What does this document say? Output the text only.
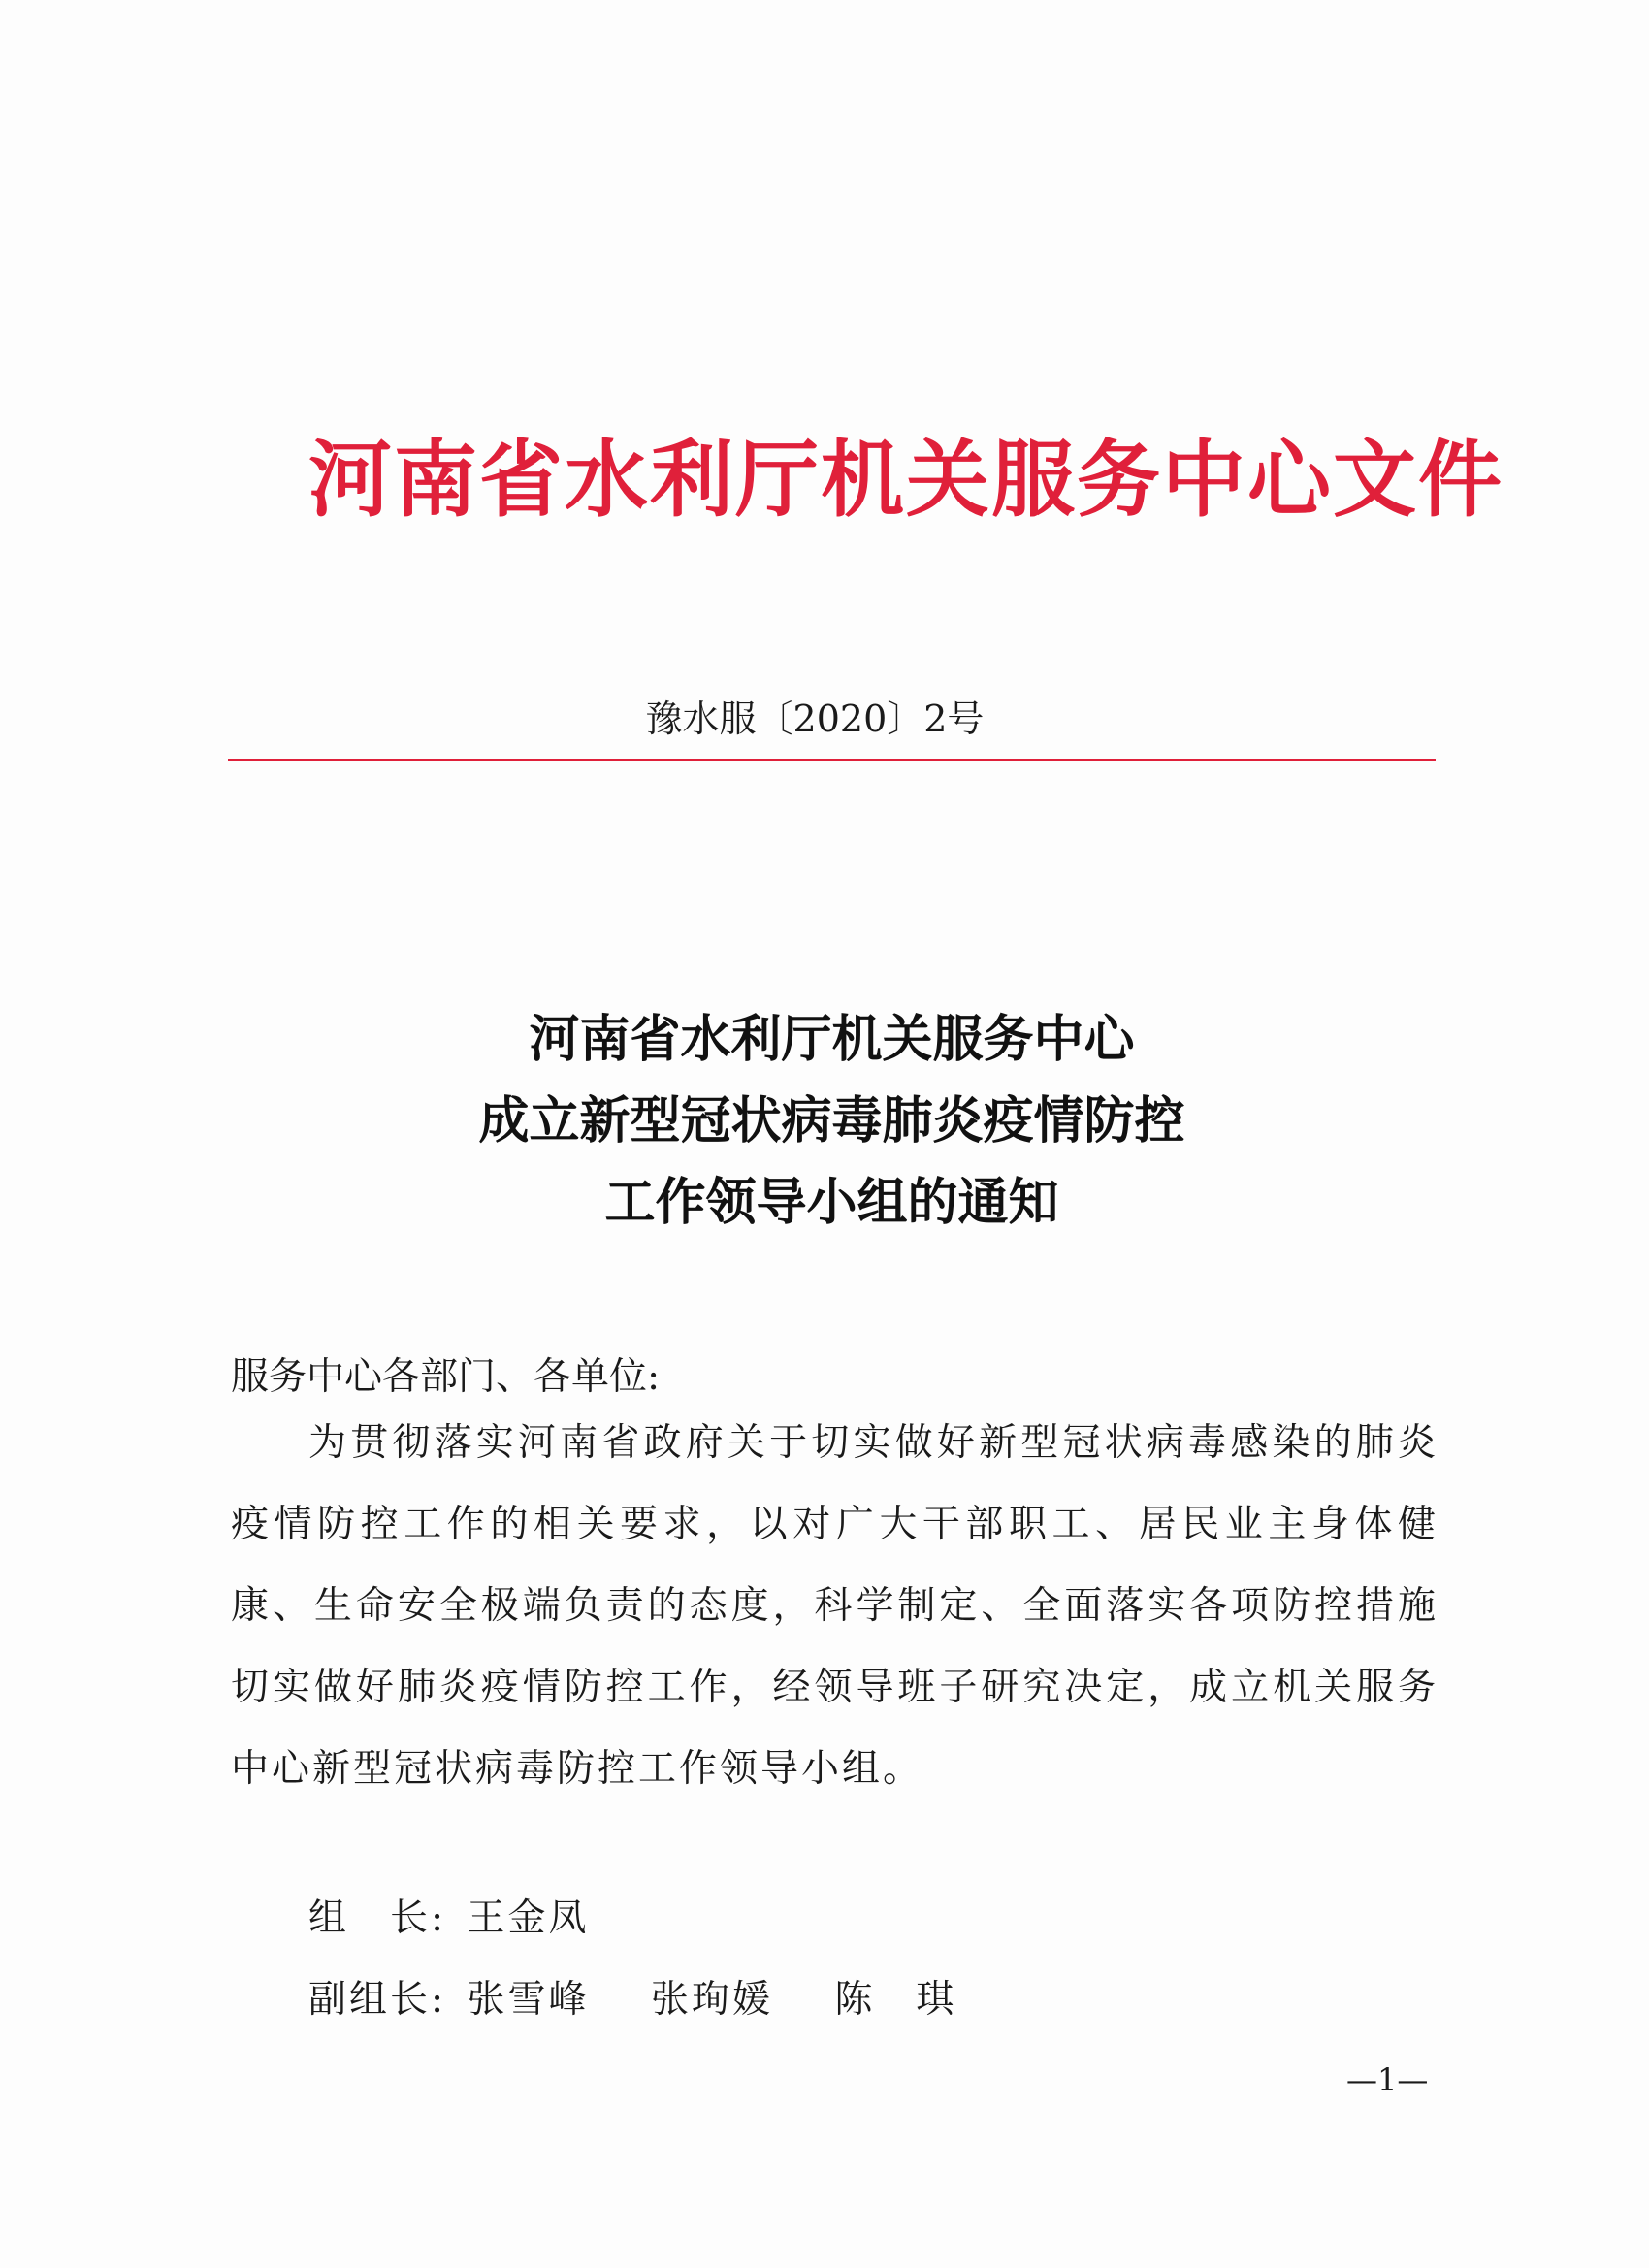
河南省水利厅机关服务中心文件
豫水服〔2020〕2号
河南省水利厅机关服务中心
成立新型冠状病毒肺炎疫情防控
工作领导小组的通知
服务中心各部门、各单位:
为贯彻落实河南省政府关于切实做好新型冠状病毒感染的肺炎疫情防控工作的相关要求，以对广大干部职工、居民业主身体健康、生命安全极端负责的态度，科学制定、全面落实各项防控措施切实做好肺炎疫情防控工作，经领导班子研究决定，成立机关服务中心新型冠状病毒防控工作领导小组。
组　长: 王金凤
副组长: 张雪峰 张珣媛 陈　琪
—1—
